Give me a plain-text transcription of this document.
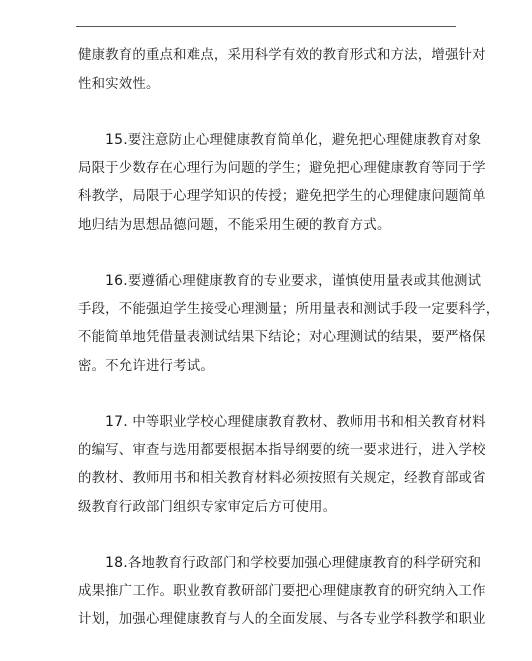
健康教育的重点和难点，采用科学有效的教育形式和方法，增强针对
性和实效性。
15.要注意防止心理健康教育简单化，避免把心理健康教育对象
局限于少数存在心理行为问题的学生；避免把心理健康教育等同于学
科教学，局限于心理学知识的传授；避免把学生的心理健康问题简单
地归结为思想品德问题，不能采用生硬的教育方式。
16.要遵循心理健康教育的专业要求，谨慎使用量表或其他测试
手段，不能强迫学生接受心理测量；所用量表和测试手段一定要科学，
不能简单地凭借量表测试结果下结论；对心理测试的结果，要严格保
密。不允许进行考试。
17. 中等职业学校心理健康教育教材、教师用书和相关教育材料
的编写、审查与选用都要根据本指导纲要的统一要求进行，进入学校
的教材、教师用书和相关教育材料必须按照有关规定，经教育部或省
级教育行政部门组织专家审定后方可使用。
18.各地教育行政部门和学校要加强心理健康教育的科学研究和
成果推广工作。职业教育教研部门要把心理健康教育的研究纳入工作
计划，加强心理健康教育与人的全面发展、与各专业学科教学和职业
